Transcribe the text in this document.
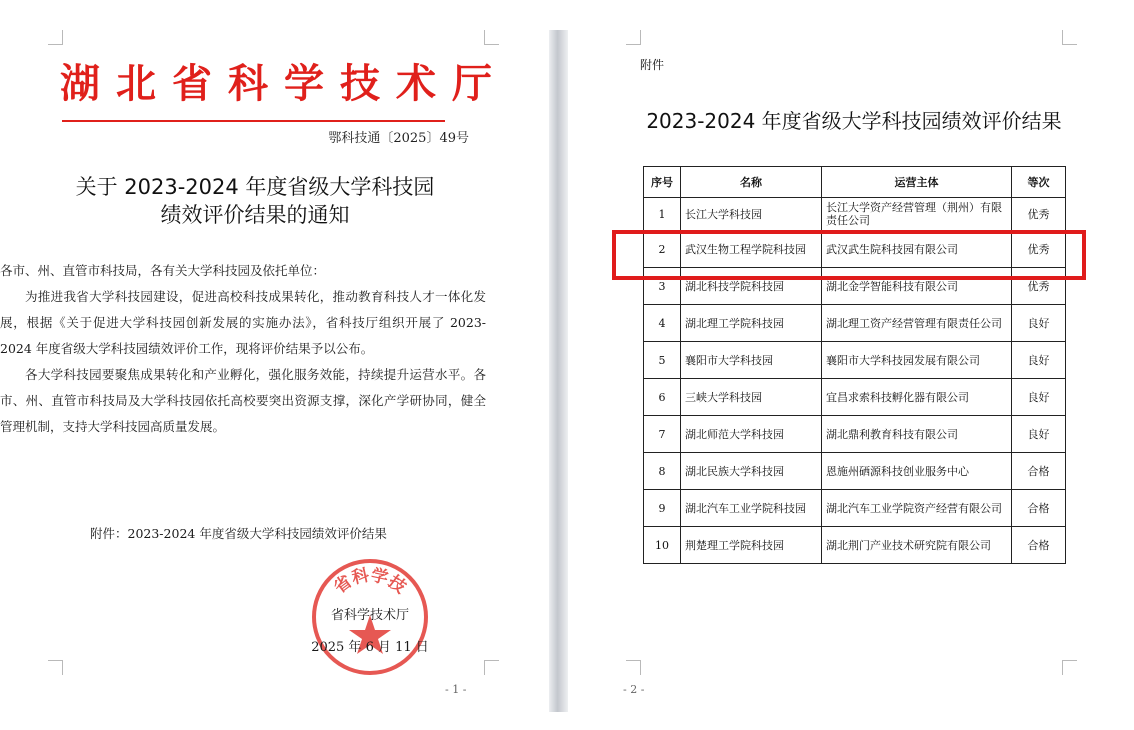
湖北省科学技术厅

鄂科技通〔2025〕49号

关于 2023-2024 年度省级大学科技园
绩效评价结果的通知

各市、州、直管市科技局，各有关大学科技园及依托单位：

为推进我省大学科技园建设，促进高校科技成果转化，推动教育科技人才一体化发展，根据《关于促进大学科技园创新发展的实施办法》，省科技厅组织开展了 2023-2024 年度省级大学科技园绩效评价工作，现将评价结果予以公布。

各大学科技园要聚焦成果转化和产业孵化，强化服务效能，持续提升运营水平。各市、州、直管市科技局及大学科技园依托高校要突出资源支撑，深化产学研协同，健全管理机制，支持大学科技园高质量发展。

附件：2023-2024 年度省级大学科技园绩效评价结果

省科学技

省科学技术厅

2025 年 6 月 11 日

- 1 -

附件

2023-2024 年度省级大学科技园绩效评价结果
序号	名称	运营主体	等次
1	长江大学科技园	长江大学资产经营管理（荆州）有限责任公司	优秀
2	武汉生物工程学院科技园	武汉武生院科技园有限公司	优秀
3	湖北科技学院科技园	湖北金学智能科技有限公司	优秀
4	湖北理工学院科技园	湖北理工资产经营管理有限责任公司	良好
5	襄阳市大学科技园	襄阳市大学科技园发展有限公司	良好
6	三峡大学科技园	宜昌求索科技孵化器有限公司	良好
7	湖北师范大学科技园	湖北鼎利教育科技有限公司	良好
8	湖北民族大学科技园	恩施州硒源科技创业服务中心	合格
9	湖北汽车工业学院科技园	湖北汽车工业学院资产经营有限公司	合格
10	荆楚理工学院科技园	湖北荆门产业技术研究院有限公司	合格

- 2 -
